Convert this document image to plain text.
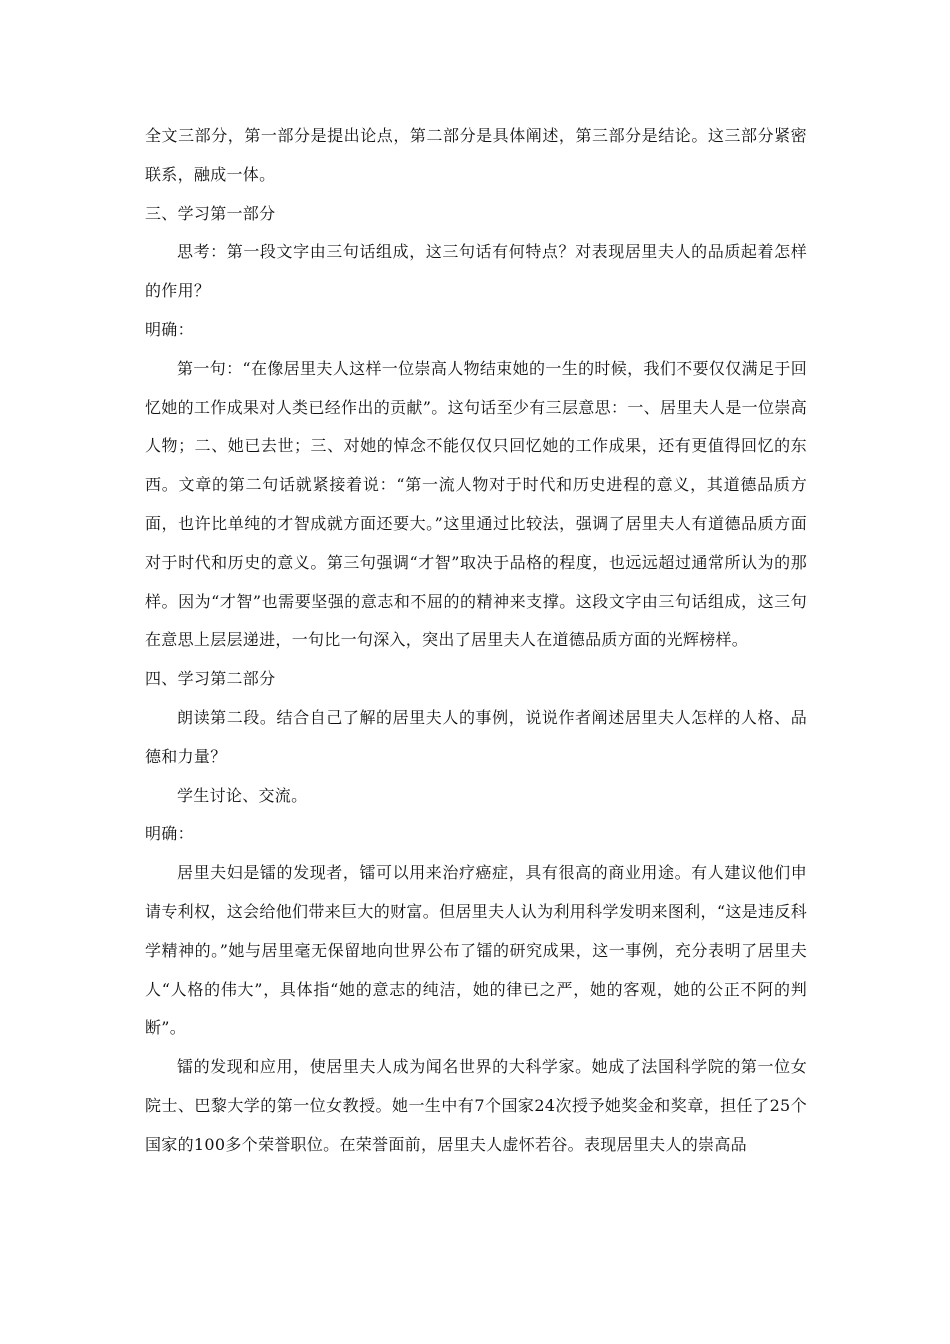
全文三部分，第一部分是提出论点，第二部分是具体阐述，第三部分是结论。这三部分紧密联系，融成一体。

三、学习第一部分

思考：第一段文字由三句话组成，这三句话有何特点？对表现居里夫人的品质起着怎样的作用？

明确：

第一句：“在像居里夫人这样一位崇高人物结束她的一生的时候，我们不要仅仅满足于回忆她的工作成果对人类已经作出的贡献”。这句话至少有三层意思：一、居里夫人是一位崇高人物；二、她已去世；三、对她的悼念不能仅仅只回忆她的工作成果，还有更值得回忆的东西。文章的第二句话就紧接着说：“第一流人物对于时代和历史进程的意义，其道德品质方面，也许比单纯的才智成就方面还要大。”这里通过比较法，强调了居里夫人有道德品质方面对于时代和历史的意义。第三句强调“才智”取决于品格的程度，也远远超过通常所认为的那样。因为“才智”也需要坚强的意志和不屈的的精神来支撑。这段文字由三句话组成，这三句在意思上层层递进，一句比一句深入，突出了居里夫人在道德品质方面的光辉榜样。

四、学习第二部分

朗读第二段。结合自己了解的居里夫人的事例，说说作者阐述居里夫人怎样的人格、品德和力量？

学生讨论、交流。

明确：

居里夫妇是镭的发现者，镭可以用来治疗癌症，具有很高的商业用途。有人建议他们申请专利权，这会给他们带来巨大的财富。但居里夫人认为利用科学发明来图利，“这是违反科学精神的。”她与居里毫无保留地向世界公布了镭的研究成果，这一事例，充分表明了居里夫人“人格的伟大”，具体指“她的意志的纯洁，她的律已之严，她的客观，她的公正不阿的判断”。

镭的发现和应用，使居里夫人成为闻名世界的大科学家。她成了法国科学院的第一位女院士、巴黎大学的第一位女教授。她一生中有7个国家24次授予她奖金和奖章，担任了25个国家的100多个荣誉职位。在荣誉面前，居里夫人虚怀若谷。表现居里夫人的崇高品
